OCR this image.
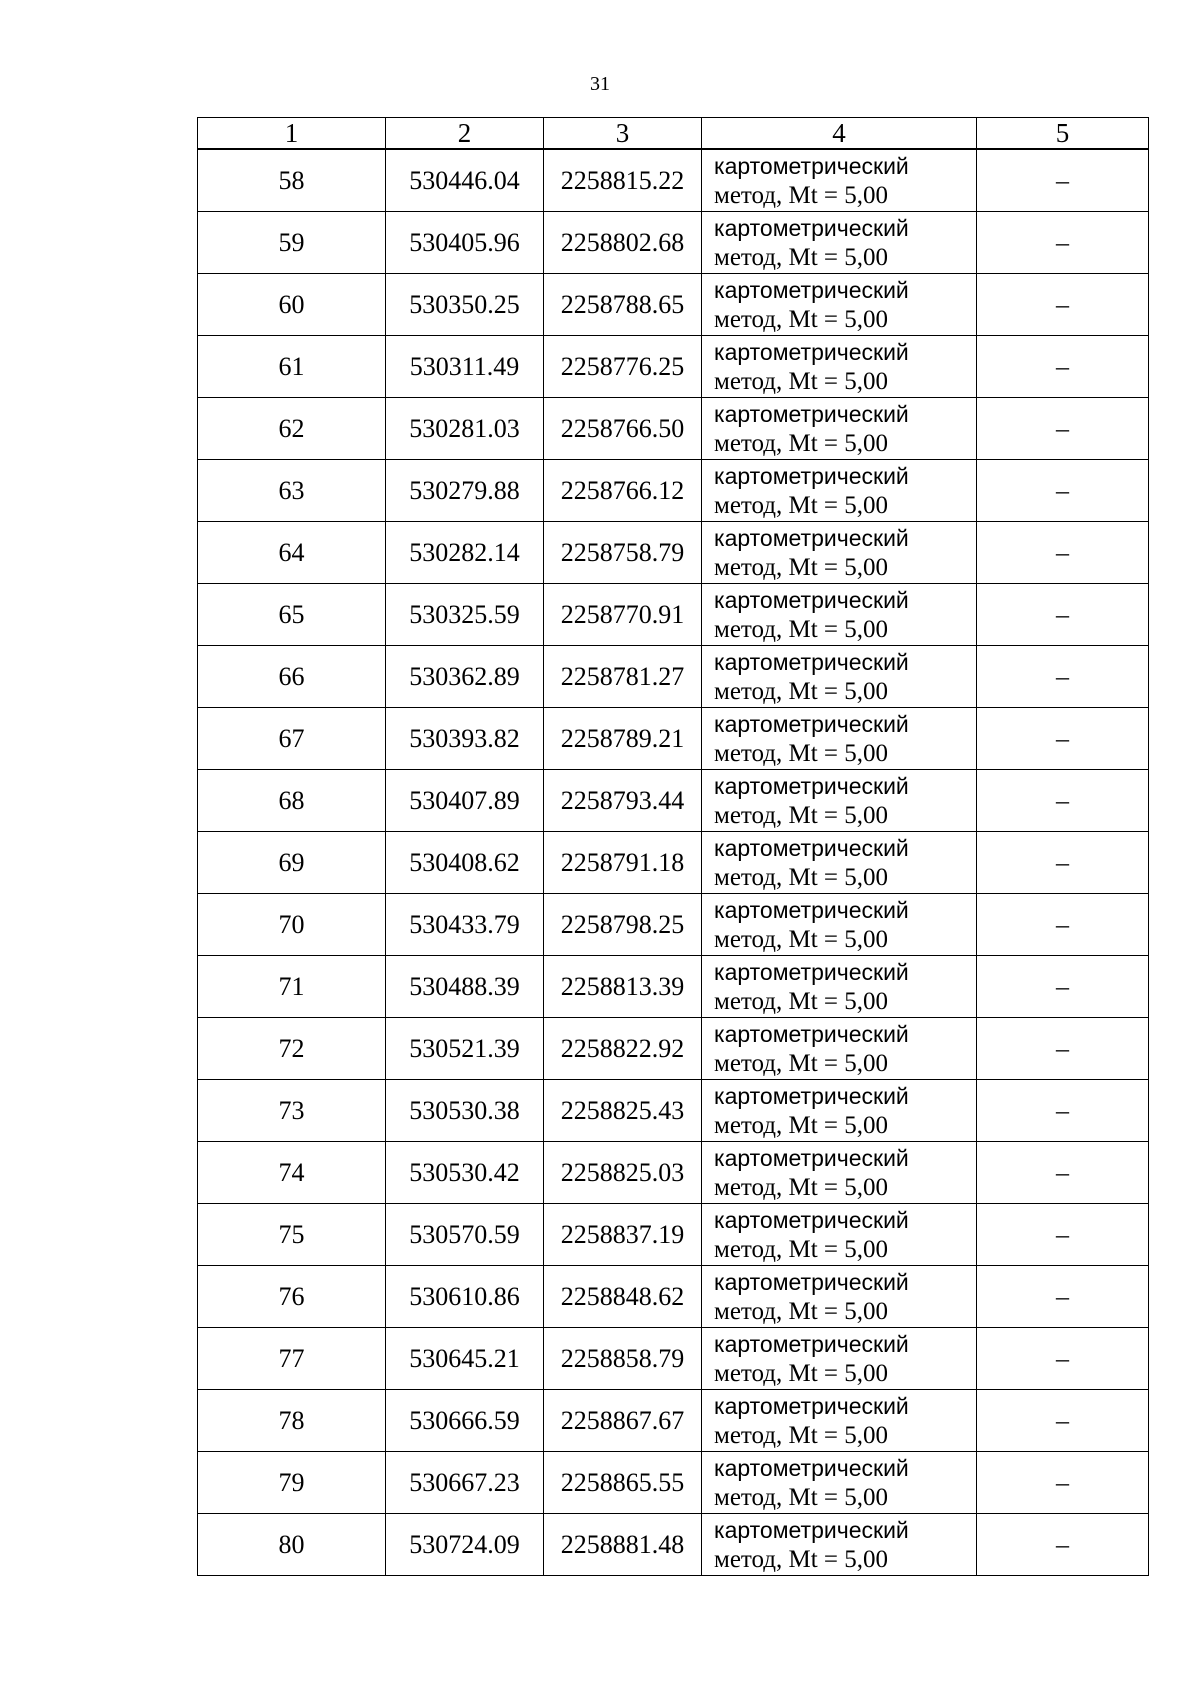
31
1	2	3	4	5
58	530446.04	2258815.22	картометрический
метод, Mt = 5,00	–
59	530405.96	2258802.68	картометрический
метод, Mt = 5,00	–
60	530350.25	2258788.65	картометрический
метод, Mt = 5,00	–
61	530311.49	2258776.25	картометрический
метод, Mt = 5,00	–
62	530281.03	2258766.50	картометрический
метод, Mt = 5,00	–
63	530279.88	2258766.12	картометрический
метод, Mt = 5,00	–
64	530282.14	2258758.79	картометрический
метод, Mt = 5,00	–
65	530325.59	2258770.91	картометрический
метод, Mt = 5,00	–
66	530362.89	2258781.27	картометрический
метод, Mt = 5,00	–
67	530393.82	2258789.21	картометрический
метод, Mt = 5,00	–
68	530407.89	2258793.44	картометрический
метод, Mt = 5,00	–
69	530408.62	2258791.18	картометрический
метод, Mt = 5,00	–
70	530433.79	2258798.25	картометрический
метод, Mt = 5,00	–
71	530488.39	2258813.39	картометрический
метод, Mt = 5,00	–
72	530521.39	2258822.92	картометрический
метод, Mt = 5,00	–
73	530530.38	2258825.43	картометрический
метод, Mt = 5,00	–
74	530530.42	2258825.03	картометрический
метод, Mt = 5,00	–
75	530570.59	2258837.19	картометрический
метод, Mt = 5,00	–
76	530610.86	2258848.62	картометрический
метод, Mt = 5,00	–
77	530645.21	2258858.79	картометрический
метод, Mt = 5,00	–
78	530666.59	2258867.67	картометрический
метод, Mt = 5,00	–
79	530667.23	2258865.55	картометрический
метод, Mt = 5,00	–
80	530724.09	2258881.48	картометрический
метод, Mt = 5,00	–
